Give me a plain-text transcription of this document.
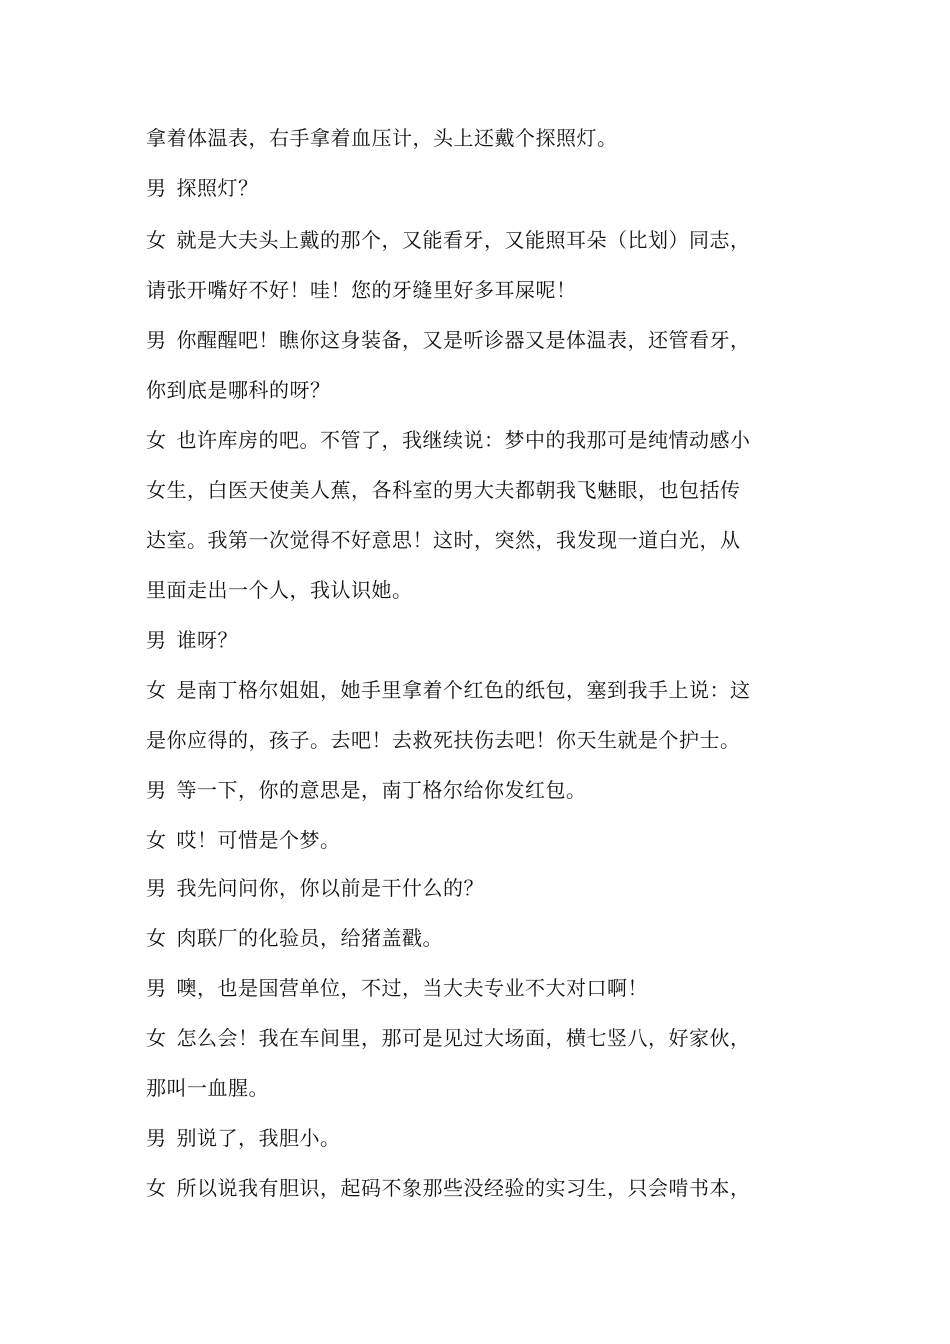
拿着体温表，右手拿着血压计，头上还戴个探照灯。
男 探照灯？
女 就是大夫头上戴的那个，又能看牙，又能照耳朵（比划）同志，
请张开嘴好不好！哇！您的牙缝里好多耳屎呢！
男 你醒醒吧！瞧你这身装备，又是听诊器又是体温表，还管看牙，
你到底是哪科的呀？
女 也许库房的吧。不管了，我继续说：梦中的我那可是纯情动感小
女生，白医天使美人蕉，各科室的男大夫都朝我飞魅眼，也包括传
达室。我第一次觉得不好意思！这时，突然，我发现一道白光，从
里面走出一个人，我认识她。
男 谁呀？
女 是南丁格尔姐姐，她手里拿着个红色的纸包，塞到我手上说：这
是你应得的，孩子。去吧！去救死扶伤去吧！你天生就是个护士。
男 等一下，你的意思是，南丁格尔给你发红包。
女 哎！可惜是个梦。
男 我先问问你，你以前是干什么的？
女 肉联厂的化验员，给猪盖戳。
男 噢，也是国营单位，不过，当大夫专业不大对口啊！
女 怎么会！我在车间里，那可是见过大场面，横七竖八，好家伙，
那叫一血腥。
男 别说了，我胆小。
女 所以说我有胆识，起码不象那些没经验的实习生，只会啃书本，
